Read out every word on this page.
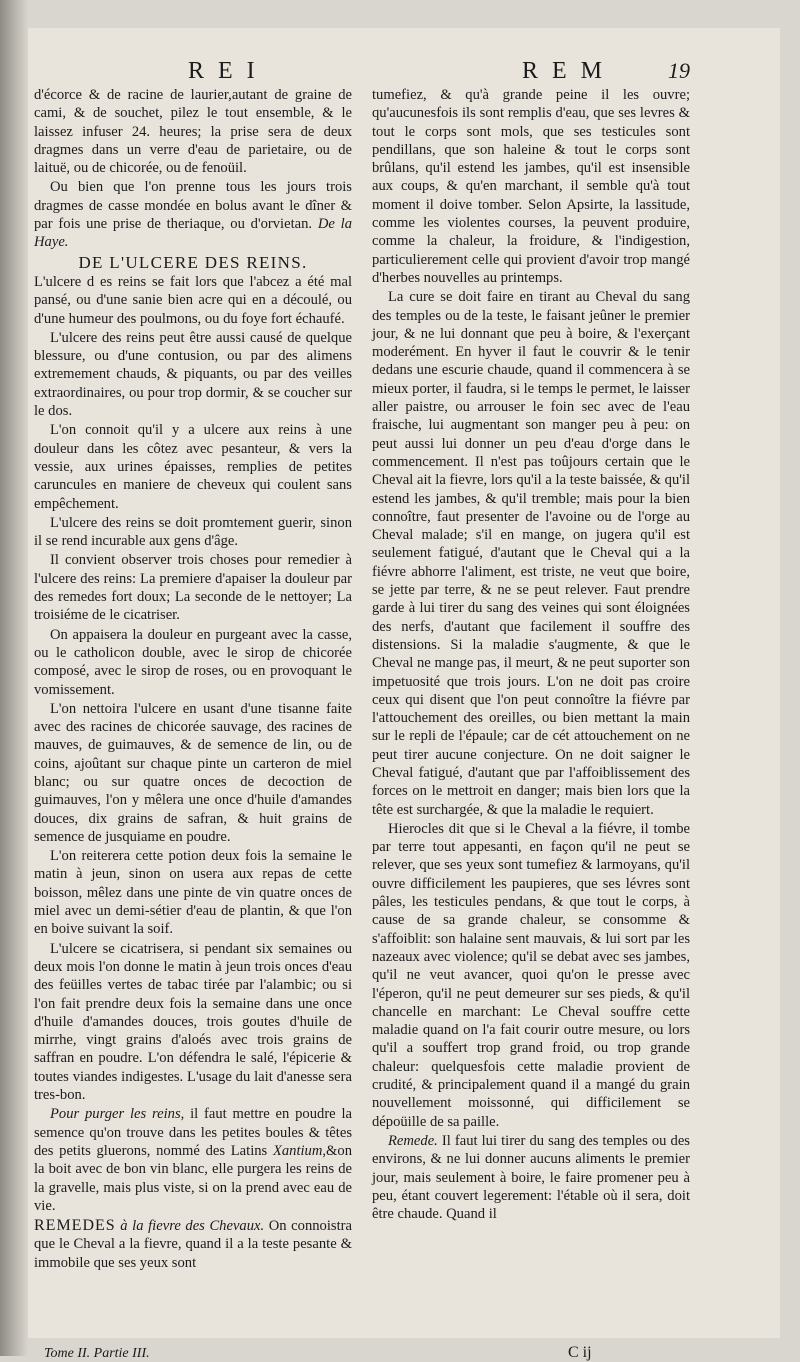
REI	REM 19

d'écorce & de racine de laurier,autant de graine de cami, & de souchet, pilez le tout ensemble, & le laissez infuser 24. heures; la prise sera de deux dragmes dans un verre d'eau de parietaire, ou de laituë, ou de chicorée, ou de fenoüil.

Ou bien que l'on prenne tous les jours trois dragmes de casse mondée en bolus avant le dîner & par fois une prise de theriaque, ou d'orvietan. De la Haye.

DE L'ULCERE DES REINS.

L'ulcere d es reins se fait lors que l'abcez a été mal pansé, ou d'une sanie bien acre qui en a découlé, ou d'une humeur des poulmons, ou du foye fort échaufé.

L'ulcere des reins peut être aussi causé de quelque blessure, ou d'une contusion, ou par des alimens extremement chauds, & piquants, ou par des veilles extraordinaires, ou pour trop dormir, & se coucher sur le dos.

L'on connoit qu'il y a ulcere aux reins à une douleur dans les côtez avec pesanteur, & vers la vessie, aux urines épaisses, remplies de petites caruncules en maniere de cheveux qui coulent sans empêchement.

L'ulcere des reins se doit promtement guerir, sinon il se rend incurable aux gens d'âge.

Il convient observer trois choses pour remedier à l'ulcere des reins: La premiere d'apaiser la douleur par des remedes fort doux; La seconde de le nettoyer; La troisiéme de le cicatriser.

On appaisera la douleur en purgeant avec la casse, ou le catholicon double, avec le sirop de chicorée composé, avec le sirop de roses, ou en provoquant le vomissement.

L'on nettoira l'ulcere en usant d'une tisanne faite avec des racines de chicorée sauvage, des racines de mauves, de guimauves, & de semence de lin, ou de coins, ajoûtant sur chaque pinte un carteron de miel blanc; ou sur quatre onces de decoction de guimauves, l'on y mêlera une once d'huile d'amandes douces, dix grains de safran, & huit grains de semence de jusquiame en poudre.

L'on reiterera cette potion deux fois la semaine le matin à jeun, sinon on usera aux repas de cette boisson, mêlez dans une pinte de vin quatre onces de miel avec un demi-sétier d'eau de plantin, & que l'on en boive suivant la soif.

L'ulcere se cicatrisera, si pendant six semaines ou deux mois l'on donne le matin à jeun trois onces d'eau des feüilles vertes de tabac tirée par l'alambic; ou si l'on fait prendre deux fois la semaine dans une once d'huile d'amandes douces, trois goutes d'huile de mirrhe, vingt grains d'aloés avec trois grains de saffran en poudre. L'on défendra le salé, l'épicerie & toutes viandes indigestes. L'usage du lait d'anesse sera tres-bon.

Pour purger les reins, il faut mettre en poudre la semence qu'on trouve dans les petites boules & têtes des petits gluerons, nommé des Latins Xantium,&on la boit avec de bon vin blanc, elle purgera les reins de la gravelle, mais plus viste, si on la prend avec eau de vie.

REMEDES à la fievre des Chevaux. On connoistra que le Cheval a la fievre, quand il a la teste pesante & immobile que ses yeux sont

tumefiez, & qu'à grande peine il les ouvre; qu'aucunesfois ils sont remplis d'eau, que ses levres & tout le corps sont mols, que ses testicules sont pendillans, que son haleine & tout le corps sont brûlans, qu'il estend les jambes, qu'il est insensible aux coups, & qu'en marchant, il semble qu'à tout moment il doive tomber. Selon Apsirte, la lassitude, comme les violentes courses, la peuvent produire, comme la chaleur, la froidure, & l'indigestion, particulierement celle qui provient d'avoir trop mangé d'herbes nouvelles au printemps.

La cure se doit faire en tirant au Cheval du sang des temples ou de la teste, le faisant jeûner le premier jour, & ne lui donnant que peu à boire, & l'exerçant moderément. En hyver il faut le couvrir & le tenir dedans une escurie chaude, quand il commencera à se mieux porter, il faudra, si le temps le permet, le laisser aller paistre, ou arrouser le foin sec avec de l'eau fraische, lui augmentant son manger peu à peu: on peut aussi lui donner un peu d'eau d'orge dans le commencement. Il n'est pas toûjours certain que le Cheval ait la fievre, lors qu'il a la teste baissée, & qu'il estend les jambes, & qu'il tremble; mais pour la bien connoître, faut presenter de l'avoine ou de l'orge au Cheval malade; s'il en mange, on jugera qu'il est seulement fatigué, d'autant que le Cheval qui a la fiévre abhorre l'aliment, est triste, ne veut que boire, se jette par terre, & ne se peut relever. Faut prendre garde à lui tirer du sang des veines qui sont éloignées des nerfs, d'autant que facilement il souffre des distensions. Si la maladie s'augmente, & que le Cheval ne mange pas, il meurt, & ne peut suporter son impetuosité que trois jours. L'on ne doit pas croire ceux qui disent que l'on peut connoître la fiévre par l'attouchement des oreilles, ou bien mettant la main sur le repli de l'épaule; car de cét attouchement on ne peut tirer aucune conjecture. On ne doit saigner le Cheval fatigué, d'autant que par l'affoiblissement des forces on le mettroit en danger; mais bien lors que la tête est surchargée, & que la maladie le requiert.

Hierocles dit que si le Cheval a la fiévre, il tombe par terre tout appesanti, en façon qu'il ne peut se relever, que ses yeux sont tumefiez & larmoyans, qu'il ouvre difficilement les paupieres, que ses lévres sont pâles, les testicules pendans, & que tout le corps, à cause de sa grande chaleur, se consomme & s'affoiblit: son halaine sent mauvais, & lui sort par les nazeaux avec violence; qu'il se debat avec ses jambes, qu'il ne veut avancer, quoi qu'on le presse avec l'éperon, qu'il ne peut demeurer sur ses pieds, & qu'il chancelle en marchant: Le Cheval souffre cette maladie quand on l'a fait courir outre mesure, ou lors qu'il a souffert trop grand froid, ou trop grande chaleur: quelquesfois cette maladie provient de crudité, & principalement quand il a mangé du grain nouvellement moissonné, qui difficilement se dépoüille de sa paille.

Remede. Il faut lui tirer du sang des temples ou des environs, & ne lui donner aucuns aliments le premier jour, mais seulement à boire, le faire promener peu à peu, étant couvert legerement: l'étable où il sera, doit être chaude. Quand il

Tome II. Partie III.	C ij
